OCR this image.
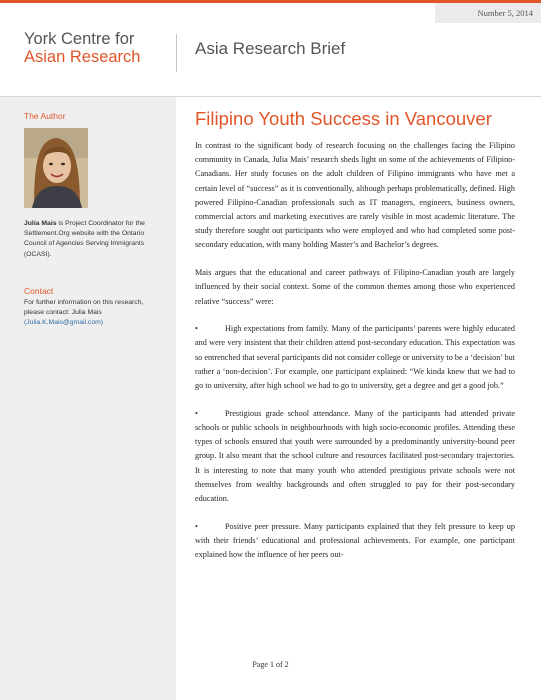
Number 5, 2014
York Centre for
Asian Research	Asia Research Brief
The Author
Julia Mais is Project Coordinator for the Settlement.Org website with the Ontario Council of Agencies Serving Immigrants (OCASI).
Contact
For further information on this research, please contact: Julia Mais (Julia.K.Mais@gmail.com)
Filipino Youth Success in Vancouver

In contrast to the significant body of research focusing on the challenges facing the Filipino community in Canada, Julia Mais’ research sheds light on some of the achievements of Filipino-Canadians. Her study focuses on the adult children of Filipino immigrants who have met a certain level of “success” as it is conventionally, although perhaps problematically, defined. High powered Filipino-Canadian professionals such as IT managers, engineers, business owners, commercial actors and marketing executives are rarely visible in most academic literature. The study therefore sought out participants who were employed and who had completed some post-secondary education, with many holding Master’s and Bachelor’s degrees.

Mais argues that the educational and career pathways of Filipino-Canadian youth are largely influenced by their social context. Some of the common themes among those who experienced relative “success” were:

•	High expectations from family. Many of the participants’ parents were highly educated and were very insistent that their children attend post-secondary education. This expectation was so entrenched that several participants did not consider college or university to be a ‘decision’ but rather a ‘non-decision’. For example, one participant explained: “We kinda knew that we had to go to university, after high school we had to go to university, get a degree and get a good job.”

•	Prestigious grade school attendance. Many of the participants had attended private schools or public schools in neighbourhoods with high socio-economic profiles. Attending these types of schools ensured that youth were surrounded by a predominantly university-bound peer group. It also meant that the school culture and resources facilitated post-secondary trajectories. It is interesting to note that many youth who attended prestigious private schools were not themselves from wealthy backgrounds and often struggled to pay for their post-secondary education.

•	Positive peer pressure. Many participants explained that they felt pressure to keep up with their friends’ educational and professional achievements. For example, one participant explained how the influence of her peers out-

Page 1 of 2
